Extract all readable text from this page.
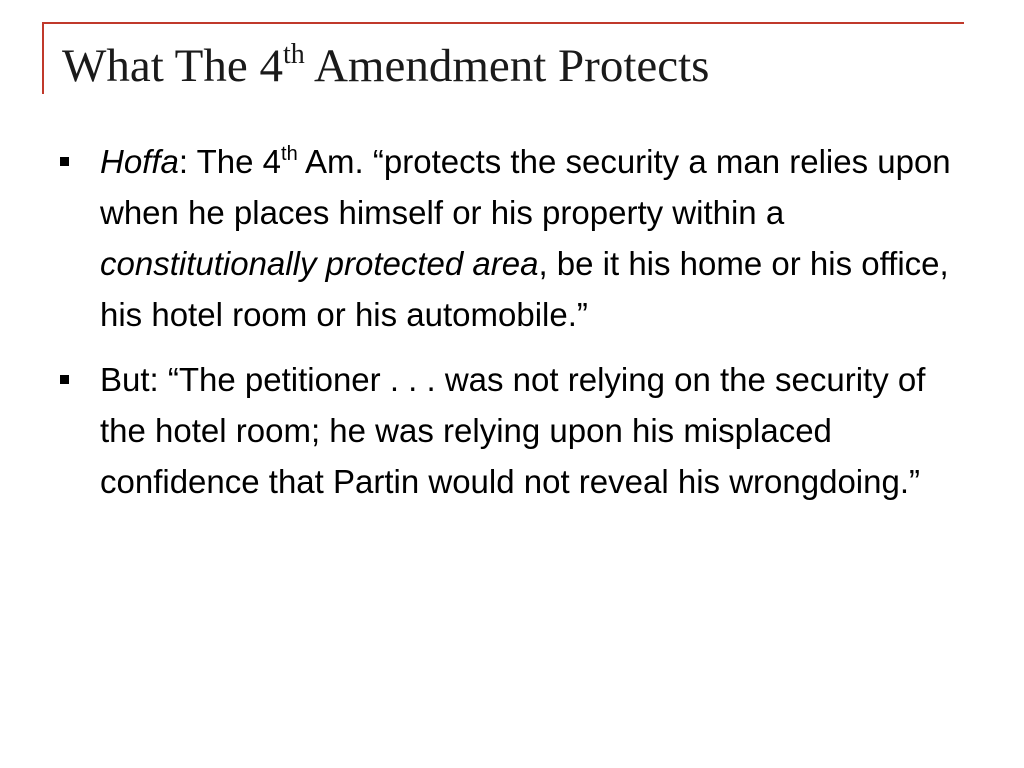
What The 4th Amendment Protects
Hoffa: The 4th Am. “protects the security a man relies upon when he places himself or his property within a constitutionally protected area, be it his home or his office, his hotel room or his automobile.”
But: “The petitioner . . . was not relying on the security of the hotel room; he was relying upon his misplaced confidence that Partin would not reveal his wrongdoing.”
